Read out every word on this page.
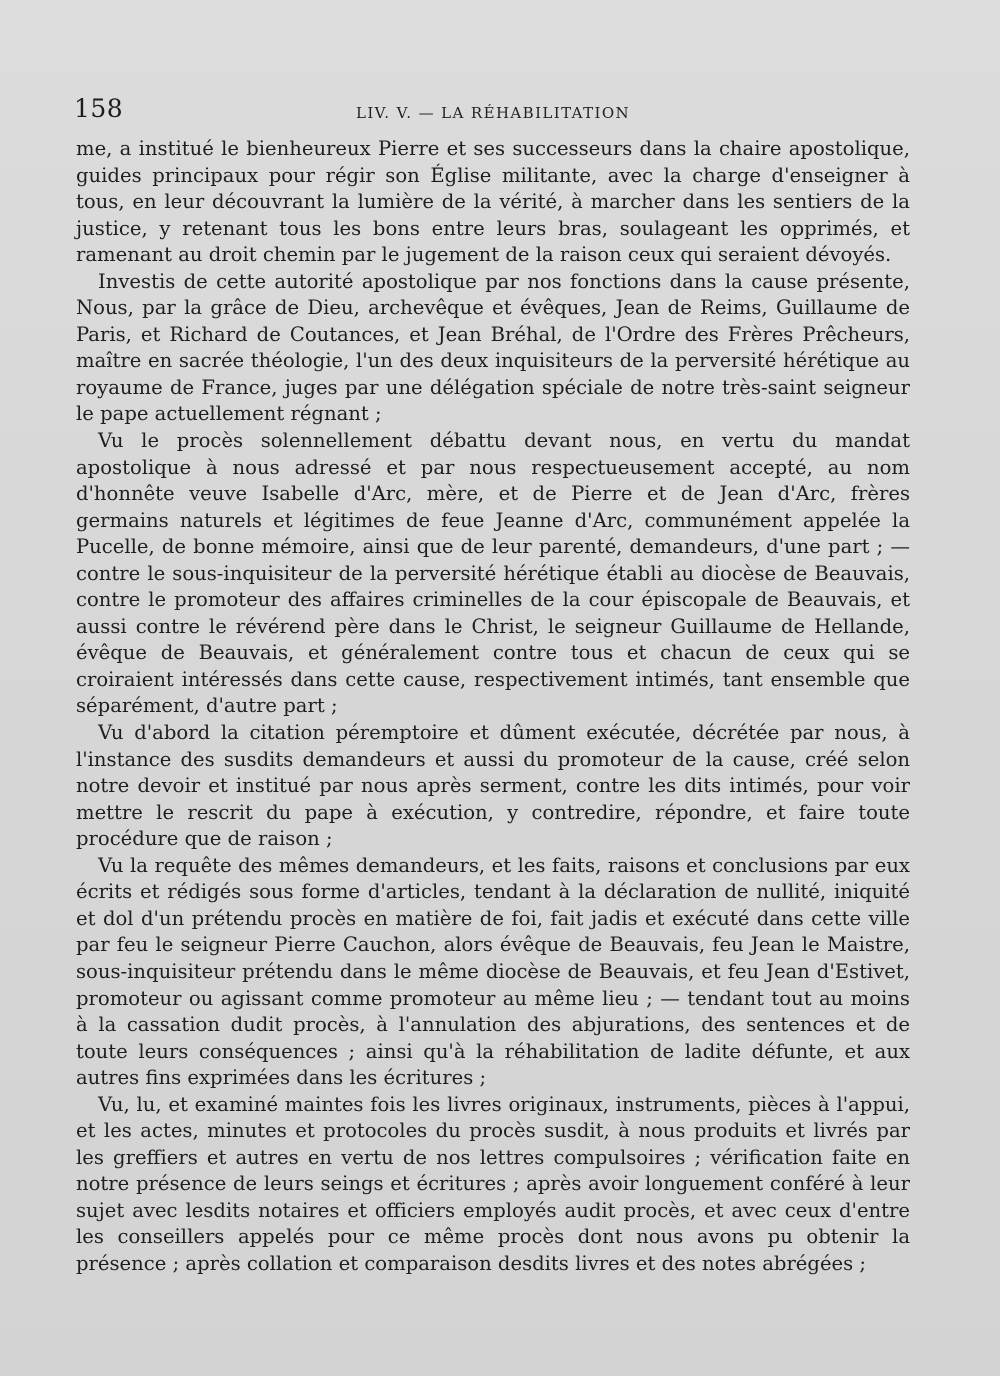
158	LIV. V. — LA RÉHABILITATION

me, a institué le bienheureux Pierre et ses successeurs dans la chaire apostolique, guides principaux pour régir son Église militante, avec la charge d'enseigner à tous, en leur découvrant la lumière de la vérité, à marcher dans les sentiers de la justice, y retenant tous les bons entre leurs bras, soulageant les opprimés, et ramenant au droit chemin par le jugement de la raison ceux qui seraient dévoyés.

Investis de cette autorité apostolique par nos fonctions dans la cause présente, Nous, par la grâce de Dieu, archevêque et évêques, Jean de Reims, Guillaume de Paris, et Richard de Coutances, et Jean Bréhal, de l'Ordre des Frères Prêcheurs, maître en sacrée théologie, l'un des deux inquisiteurs de la perversité hérétique au royaume de France, juges par une délégation spéciale de notre très-saint seigneur le pape actuellement régnant ;

Vu le procès solennellement débattu devant nous, en vertu du mandat apostolique à nous adressé et par nous respectueusement accepté, au nom d'honnête veuve Isabelle d'Arc, mère, et de Pierre et de Jean d'Arc, frères germains naturels et légitimes de feue Jeanne d'Arc, communément appelée la Pucelle, de bonne mémoire, ainsi que de leur parenté, demandeurs, d'une part ; — contre le sous-inquisiteur de la perversité hérétique établi au diocèse de Beauvais, contre le promoteur des affaires criminelles de la cour épiscopale de Beauvais, et aussi contre le révérend père dans le Christ, le seigneur Guillaume de Hellande, évêque de Beauvais, et généralement contre tous et chacun de ceux qui se croiraient intéressés dans cette cause, respectivement intimés, tant ensemble que séparément, d'autre part ;

Vu d'abord la citation péremptoire et dûment exécutée, décrétée par nous, à l'instance des susdits demandeurs et aussi du promoteur de la cause, créé selon notre devoir et institué par nous après serment, contre les dits intimés, pour voir mettre le rescrit du pape à exécution, y contredire, répondre, et faire toute procédure que de raison ;

Vu la requête des mêmes demandeurs, et les faits, raisons et conclusions par eux écrits et rédigés sous forme d'articles, tendant à la déclaration de nullité, iniquité et dol d'un prétendu procès en matière de foi, fait jadis et exécuté dans cette ville par feu le seigneur Pierre Cauchon, alors évêque de Beauvais, feu Jean le Maistre, sous-inquisiteur prétendu dans le même diocèse de Beauvais, et feu Jean d'Estivet, promoteur ou agissant comme promoteur au même lieu ; — tendant tout au moins à la cassation dudit procès, à l'annulation des abjurations, des sentences et de toute leurs conséquences ; ainsi qu'à la réhabilitation de ladite défunte, et aux autres fins exprimées dans les écritures ;

Vu, lu, et examiné maintes fois les livres originaux, instruments, pièces à l'appui, et les actes, minutes et protocoles du procès susdit, à nous produits et livrés par les greffiers et autres en vertu de nos lettres compulsoires ; vérification faite en notre présence de leurs seings et écritures ; après avoir longuement conféré à leur sujet avec lesdits notaires et officiers employés audit procès, et avec ceux d'entre les conseillers appelés pour ce même procès dont nous avons pu obtenir la présence ; après collation et comparaison desdits livres et des notes abrégées ;
